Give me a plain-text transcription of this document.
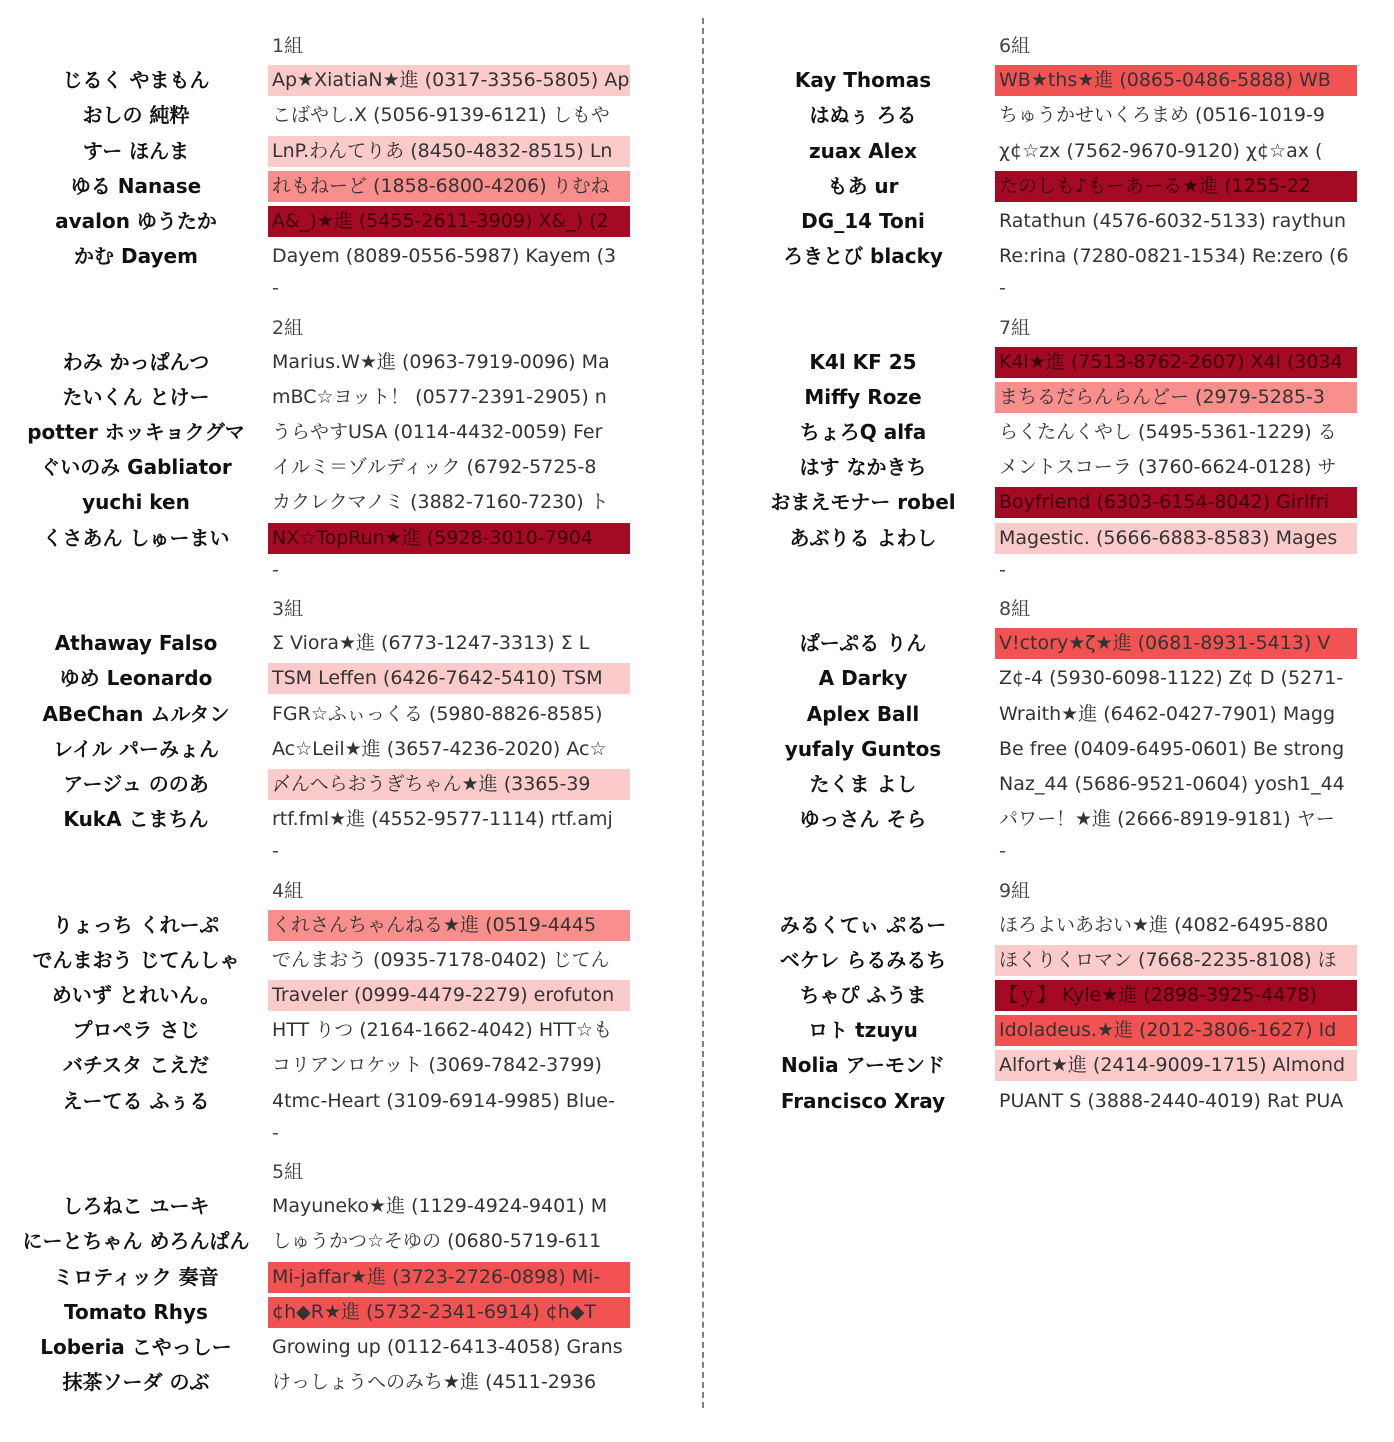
1組
じるく やまもん	Ap★XiatiaN★進 (0317-3356-5805) Ap
おしの 純粋	こばやし.X (5056-9139-6121) しもや
すー ほんま	LnP.わんてりあ (8450-4832-8515) Ln
ゆる Nanase	れもねーど (1858-6800-4206) りむね
avalon ゆうたか	A&_)★進 (5455-2611-3909) X&_) (2
かむ Dayem	Dayem (8089-0556-5987) Kayem (3
-
2組
わみ かっぱんつ	Marius.W★進 (0963-7919-0096) Ma
たいくん とけー	mBC☆ヨット！ (0577-2391-2905) n
potter ホッキョクグマ	うらやすUSA (0114-4432-0059) Fer
ぐいのみ Gabliator	イルミ＝ゾルディック (6792-5725-8
yuchi ken	カクレクマノミ (3882-7160-7230) ト
くさあん しゅーまい	NX☆TopRun★進 (5928-3010-7904
-
3組
Athaway Falso	Σ Viora★進 (6773-1247-3313) Σ L
ゆめ Leonardo	TSM Leffen (6426-7642-5410) TSM
ABeChan ムルタン	FGR☆ふぃっくる (5980-8826-8585)
レイル パーみょん	Ac☆Leil★進 (3657-4236-2020) Ac☆
アージュ ののあ	〆んへらおうぎちゃん★進 (3365-39
KukA こまちん	rtf.fml★進 (4552-9577-1114) rtf.amj
-
4組
りょっち くれーぷ	くれさんちゃんねる★進 (0519-4445
でんまおう じてんしゃ	でんまおう (0935-7178-0402) じてん
めいず とれいん。	Traveler (0999-4479-2279) erofuton
プロペラ さじ	HTT りつ (2164-1662-4042) HTT☆も
バチスタ こえだ	コリアンロケット (3069-7842-3799)
えーてる ふぅる	4tmc-Heart (3109-6914-9985) Blue-
-
5組
しろねこ ユーキ	Mayuneko★進 (1129-4924-9401) M
にーとちゃん めろんぱん	しゅうかつ☆そゆの (0680-5719-611
ミロティック 奏音	Mi-jaffar★進 (3723-2726-0898) Mi-
Tomato Rhys	¢h◆R★進 (5732-2341-6914) ¢h◆T
Loberia こやっしー	Growing up (0112-6413-4058) Grans
抹茶ソーダ のぶ	けっしょうへのみち★進 (4511-2936
6組
Kay Thomas	WB★ths★進 (0865-0486-5888) WB
はぬぅ ろる	ちゅうかせいくろまめ (0516-1019-9
zuax Alex	χ¢☆zx (7562-9670-9120) χ¢☆ax (
もあ ur	たのしも♪もーあーる★進 (1255-22
DG_14 Toni	Ratathun (4576-6032-5133) raythun
ろきとび blacky	Re:rina (7280-0821-1534) Re:zero (6
-
7組
K4l KF 25	K4l★進 (7513-8762-2607) X4l (3034
Miffy Roze	まちるだらんらんどー (2979-5285-3
ちょろQ alfa	らくたんくやし (5495-5361-1229) る
はす なかきち	メントスコーラ (3760-6624-0128) サ
おまえモナー robel	Boyfriend (6303-6154-8042) Girlfri
あぶりる よわし	Magestic. (5666-6883-8583) Mages
-
8組
ぱーぷる りん	V!ctory★ζ★進 (0681-8931-5413) V
A Darky	Z¢-4 (5930-6098-1122) Z¢ D (5271-
Aplex Ball	Wraith★進 (6462-0427-7901) Magg
yufaly Guntos	Be free (0409-6495-0601) Be strong
たくま よし	Naz_44 (5686-9521-0604) yosh1_44
ゆっさん そら	パワー！★進 (2666-8919-9181) ヤー
-
9組
みるくてぃ ぷるー	ほろよいあおい★進 (4082-6495-880
ベケレ らるみるち	ほくりくロマン (7668-2235-8108) ほ
ちゃぴ ふうま	【ｙ】 Kyle★進 (2898-3925-4478)
ロト tzuyu	Idoladeus.★進 (2012-3806-1627) Id
Nolia アーモンド	Alfort★進 (2414-9009-1715) Almond
Francisco Xray	PUANT S (3888-2440-4019) Rat PUA
